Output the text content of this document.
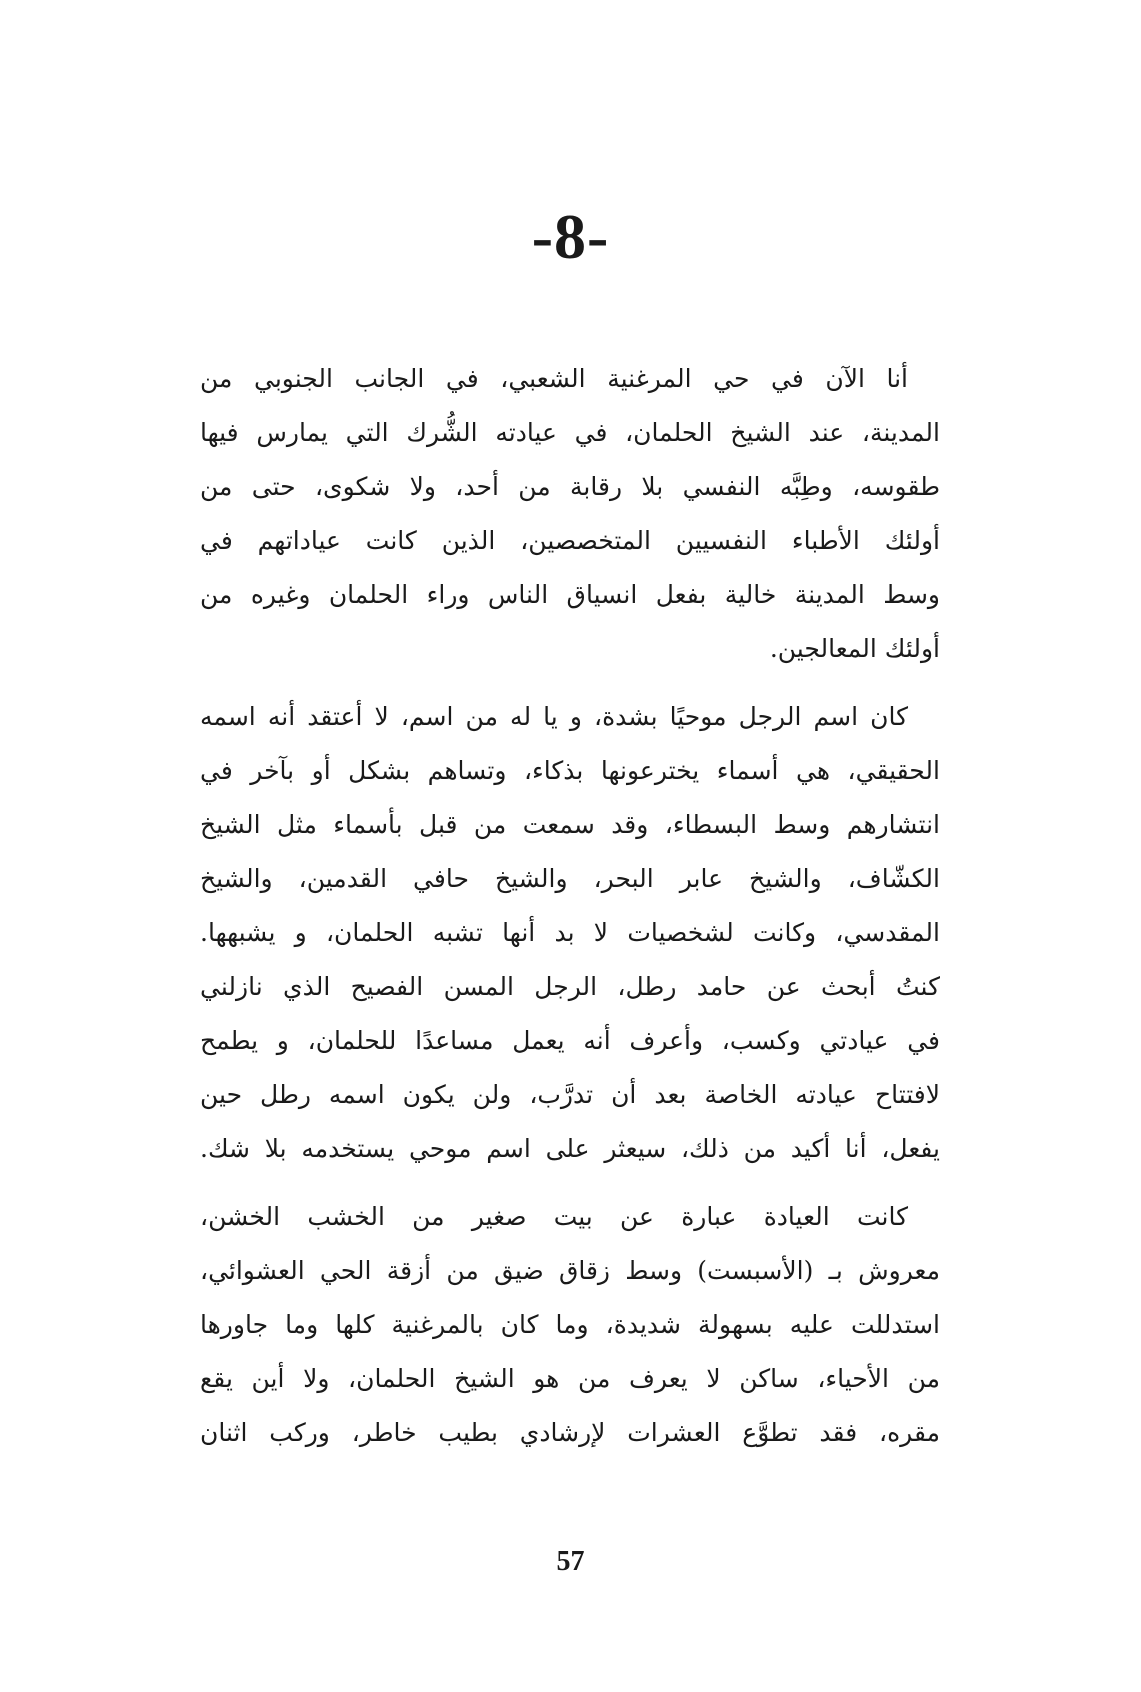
-8-

أنا الآن في حي المرغنية الشعبي، في الجانب الجنوبي من
المدينة، عند الشيخ الحلمان، في عيادته الشُّرك التي يمارس فيها
طقوسه، وطِبَّه النفسي بلا رقابة من أحد، ولا شكوى، حتى من
أولئك الأطباء النفسيين المتخصصين، الذين كانت عياداتهم في
وسط المدينة خالية بفعل انسياق الناس وراء الحلمان وغيره من
أولئك المعالجين.

كان اسم الرجل موحيًا بشدة، و يا له من اسم، لا أعتقد أنه اسمه
الحقيقي، هي أسماء يخترعونها بذكاء، وتساهم بشكل أو بآخر في
انتشارهم وسط البسطاء، وقد سمعت من قبل بأسماء مثل الشيخ
الكشّاف، والشيخ عابر البحر، والشيخ حافي القدمين، والشيخ
المقدسي، وكانت لشخصيات لا بد أنها تشبه الحلمان، و يشبهها.
كنتُ أبحث عن حامد رطل، الرجل المسن الفصيح الذي نازلني
في عيادتي وكسب، وأعرف أنه يعمل مساعدًا للحلمان، و يطمح
لافتتاح عيادته الخاصة بعد أن تدرَّب، ولن يكون اسمه رطل حين
يفعل، أنا أكيد من ذلك، سيعثر على اسم موحي يستخدمه بلا شك.

كانت العيادة عبارة عن بيت صغير من الخشب الخشن،
معروش بـ (الأسبست) وسط زقاق ضيق من أزقة الحي العشوائي،
استدللت عليه بسهولة شديدة، وما كان بالمرغنية كلها وما جاورها
من الأحياء، ساكن لا يعرف من هو الشيخ الحلمان، ولا أين يقع
مقره، فقد تطوَّع العشرات لإرشادي بطيب خاطر، وركب اثنان

57
